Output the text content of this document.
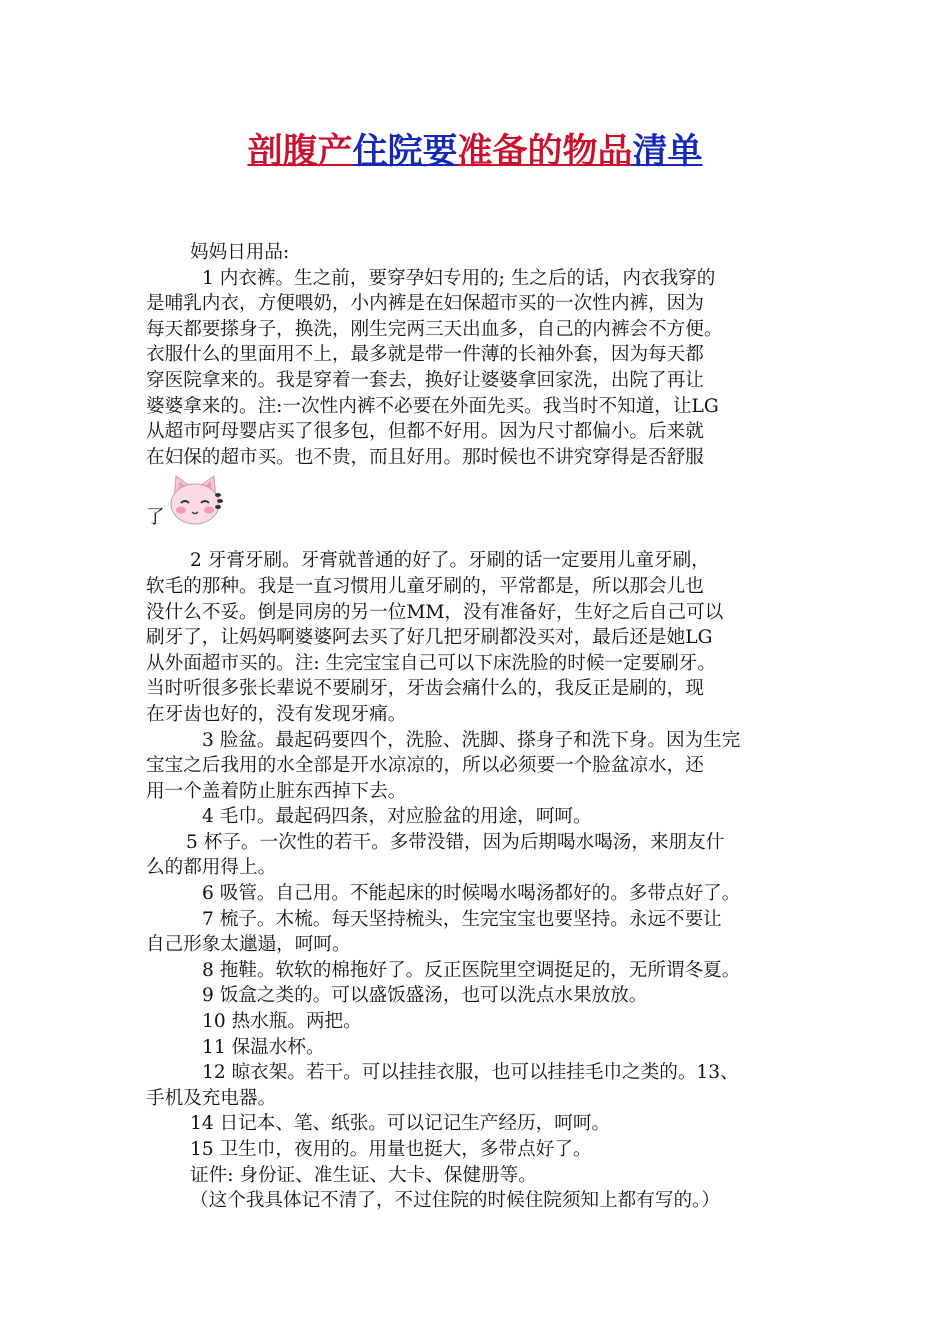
剖腹产住院要准备的物品清单

妈妈日用品:

1 内衣裤。生之前，要穿孕妇专用的; 生之后的话，内衣我穿的

是哺乳内衣，方便喂奶，小内裤是在妇保超市买的一次性内裤，因为

每天都要搽身子，换洗，刚生完两三天出血多，自己的内裤会不方便。

衣服什么的里面用不上，最多就是带一件薄的长袖外套，因为每天都

穿医院拿来的。我是穿着一套去，换好让婆婆拿回家洗，出院了再让

婆婆拿来的。注:一次性内裤不必要在外面先买。我当时不知道，让LG

从超市阿母婴店买了很多包，但都不好用。因为尺寸都偏小。后来就

在妇保的超市买。也不贵，而且好用。那时候也不讲究穿得是否舒服

了

2 牙膏牙刷。牙膏就普通的好了。牙刷的话一定要用儿童牙刷，

软毛的那种。我是一直习惯用儿童牙刷的，平常都是，所以那会儿也

没什么不妥。倒是同房的另一位MM，没有准备好，生好之后自己可以

刷牙了，让妈妈啊婆婆阿去买了好几把牙刷都没买对，最后还是她LG

从外面超市买的。注: 生完宝宝自己可以下床洗脸的时候一定要刷牙。

当时听很多张长辈说不要刷牙，牙齿会痛什么的，我反正是刷的，现

在牙齿也好的，没有发现牙痛。

3 脸盆。最起码要四个，洗脸、洗脚、搽身子和洗下身。因为生完

宝宝之后我用的水全部是开水凉凉的，所以必须要一个脸盆凉水，还

用一个盖着防止脏东西掉下去。

4 毛巾。最起码四条，对应脸盆的用途，呵呵。

5 杯子。一次性的若干。多带没错，因为后期喝水喝汤，来朋友什

么的都用得上。

6 吸管。自己用。不能起床的时候喝水喝汤都好的。多带点好了。

7 梳子。木梳。每天坚持梳头，生完宝宝也要坚持。永远不要让

自己形象太邋遢，呵呵。

8 拖鞋。软软的棉拖好了。反正医院里空调挺足的，无所谓冬夏。

9 饭盒之类的。可以盛饭盛汤，也可以洗点水果放放。

10 热水瓶。两把。

11 保温水杯。

12 晾衣架。若干。可以挂挂衣服，也可以挂挂毛巾之类的。13、

手机及充电器。

14 日记本、笔、纸张。可以记记生产经历，呵呵。

15 卫生巾，夜用的。用量也挺大，多带点好了。

证件: 身份证、准生证、大卡、保健册等。

（这个我具体记不清了，不过住院的时候住院须知上都有写的。）
